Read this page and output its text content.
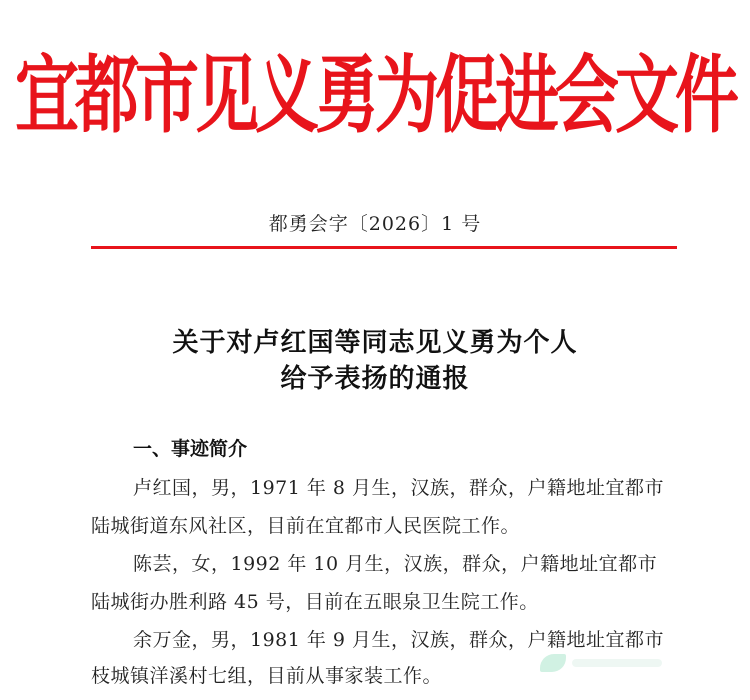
宜都市见义勇为促进会文件
都勇会字〔2026〕1 号
关于对卢红国等同志见义勇为个人
给予表扬的通报
一、事迹简介
卢红国，男，1971 年 8 月生，汉族，群众，户籍地址宜都市
陆城街道东风社区，目前在宜都市人民医院工作。
陈芸，女，1992 年 10 月生，汉族，群众，户籍地址宜都市
陆城街办胜利路 45 号，目前在五眼泉卫生院工作。
余万金，男，1981 年 9 月生，汉族，群众，户籍地址宜都市
枝城镇洋溪村七组，目前从事家装工作。
